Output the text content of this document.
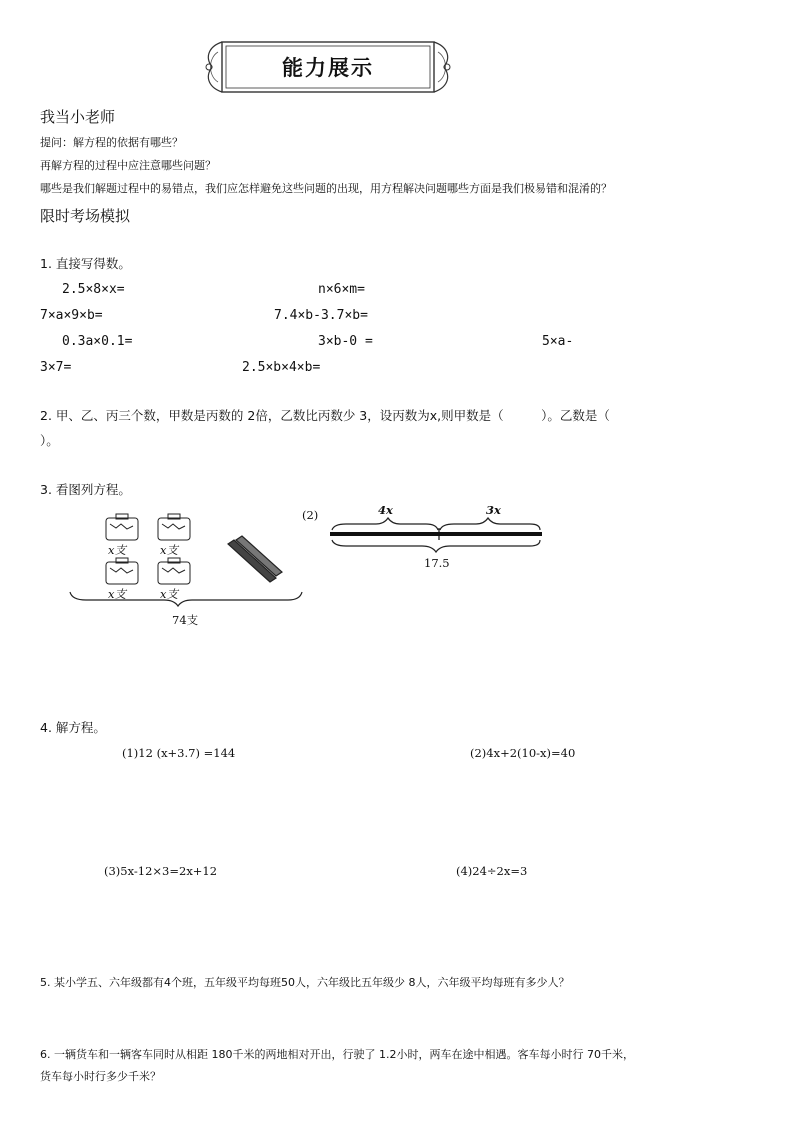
能力展示
我当小老师
提问：解方程的依据有哪些？
再解方程的过程中应注意哪些问题？
哪些是我们解题过程中的易错点，我们应怎样避免这些问题的出现，用方程解决问题哪些方面是我们极易错和混淆的？
限时考场模拟
1. 直接写得数。
2.5×8×x=	n×6×m=
7×a×9×b=	7.4×b-3.7×b=
0.3a×0.1=	3×b-0 =	5×a-
3×7=	2.5×b×4×b=
2. 甲、乙、丙三个数，甲数是丙数的 2倍，乙数比丙数少 3，设丙数为x,则甲数是（　　　）。乙数是（
）。
3. 看图列方程。
x支	x支
x支	x支
74支
(2)	4x	3x
17.5
4. 解方程。
(1)12 (x+3.7) =144	(2)4x+2(10-x)=40
(3)5x-12×3=2x+12	(4)24÷2x=3
5. 某小学五、六年级都有4个班，五年级平均每班50人，六年级比五年级少 8人，六年级平均每班有多少人？
6. 一辆货车和一辆客车同时从相距 180千米的两地相对开出，行驶了 1.2小时，两车在途中相遇。客车每小时行 70千米，
货车每小时行多少千米？
